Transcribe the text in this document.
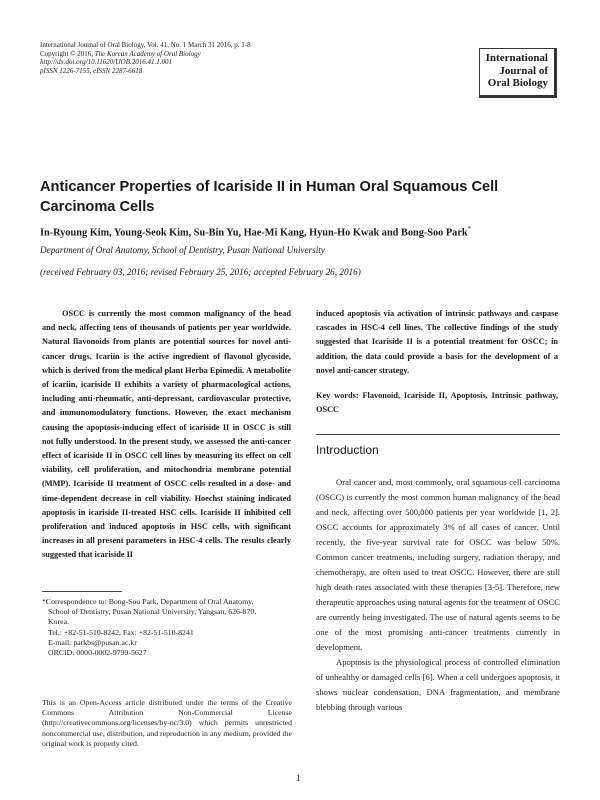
International Journal of Oral Biology, Vol. 41, No. 1 March 31 2016, p. 1-8
Copyright © 2016, The Korean Academy of Oral Biology
http://dx.doi.org/10.11620/IJOB.2016.41.1.001
pISSN 1226-7155, eISSN 2287-6618
International
Journal of
Oral Biology
Anticancer Properties of Icariside II in Human Oral Squamous Cell Carcinoma Cells
In-Ryoung Kim, Young-Seok Kim, Su-Bin Yu, Hae-Mi Kang, Hyun-Ho Kwak and Bong-Soo Park*
Department of Oral Anatomy, School of Dentistry, Pusan National University
(received February 03, 2016; revised February 25, 2016; accepted February 26, 2016)

OSCC is currently the most common malignancy of the head and neck, affecting tens of thousands of patients per year worldwide. Natural flavonoids from plants are potential sources for novel anti-cancer drugs. Icariin is the active ingredient of flavonol glycoside, which is derived from the medical plant Herba Epimedii. A metabolite of icariin, icariside II exhibits a variety of pharmacological actions, including anti-rheumatic, anti-depressant, cardiovascular protective, and immunomodulatory functions. However, the exact mechanism causing the apoptosis-inducing effect of icariside II in OSCC is still not fully understood. In the present study, we assessed the anti-cancer effect of icariside II in OSCC cell lines by measuring its effect on cell viability, cell proliferation, and mitochondria membrane potential (MMP). Icariside II treatment of OSCC cells resulted in a dose- and time-dependent decrease in cell viability. Hoechst staining indicated apoptosis in icariside II-treated HSC cells. Icariside II inhibited cell proliferation and induced apoptosis in HSC cells, with significant increases in all present parameters in HSC-4 cells. The results clearly suggested that icariside II

induced apoptosis via activation of intrinsic pathways and caspase cascades in HSC-4 cell lines. The collective findings of the study suggested that Icariside II is a potential treatment for OSCC; in addition, the data could provide a basis for the development of a novel anti-cancer strategy.

Key words: Flavonoid, Icariside II, Apoptosis, Intrinsic pathway, OSCC
Introduction

Oral cancer and, most commonly, oral squamous cell carcinoma (OSCC) is currently the most common human malignancy of the head and neck, affecting over 500,000 patients per year worldwide [1, 2]. OSCC accounts for approximately 3% of all cases of cancer. Until recently, the five-year survival rate for OSCC was below 50%. Common cancer treatments, including surgery, radiation therapy, and chemotherapy, are often used to treat OSCC. However, there are still high death rates associated with these therapies [3-5]. Therefore, new therapeutic approaches using natural agents for the treatment of OSCC are currently being investigated. The use of natural agents seems to be one of the most promising anti-cancer treatments currently in development.

Apoptosis is the physiological process of controlled elimination of unhealthy or damaged cells [6]. When a cell undergoes apoptosis, it shows nuclear condensation, DNA fragmentation, and membrane blebbing through various

*Correspondence to: Bong-Soo Park, Department of Oral Anatomy,
School of Dentistry, Pusan National University, Yangsan, 626-870,
Korea.
Tel.: +82-51-510-8242, Fax: +82-51-510-8241
E-mail: parkbs@pusan.ac.kr
ORCID: 0000-0002-9799-5627
This is an Open-Access article distributed under the terms of the Creative Commons Attribution Non-Commercial License (http://creativecommons.org/licenses/by-nc/3.0) which permits unrestricted noncommercial use, distribution, and reproduction in any medium, provided the original work is properly cited.
1
